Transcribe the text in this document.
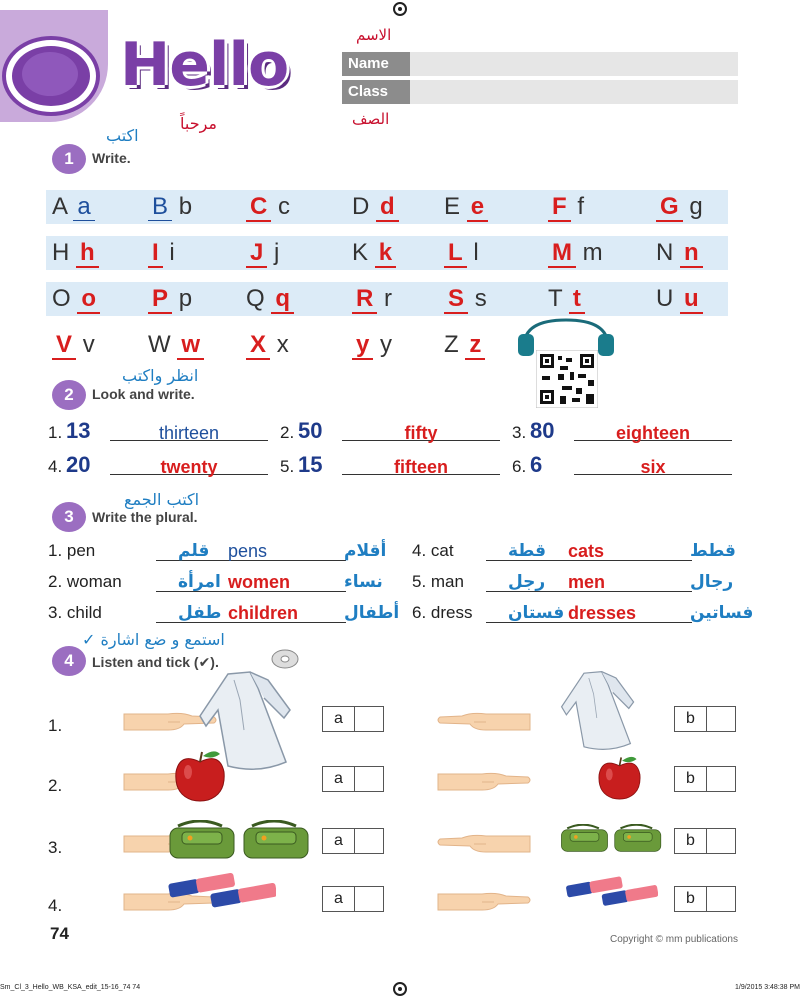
Hello
مرحباً
الاسم
Name
Class
الصف
اكتب
1	Write.
A a	B b	C c	D d	E e	F f	G g
H h	I i	J j	K k	L l	M m	N n
O o	P p	Q q	R r	S s	T t	U u
V v	W w	X x	y y	Z z
انظر واكتب
2	Look and write.
1. 13	thirteen	2. 50	fifty	3. 80	eighteen
4. 20	twenty	5. 15	fifteen	6. 6	six
اكتب الجمع
3	Write the plural.
1. pen	قلم pens	أقلام 4. cat	قطة cats	قطط
2. woman	امرأة women	نساء 5. man	رجل men	رجال
3. child	طفل children	أطفال 6. dress فستان dresses	فساتين
استمع و ضع اشارة ✓
4	Listen and tick (✔).
1.	a	b
2.	a	b
3.	a	b
4.	a	b
74	Copyright © mm publications
Sm_Cl_3_Hello_WB_KSA_edit_15-16_74 74	1/9/2015 3:48:38 PM
